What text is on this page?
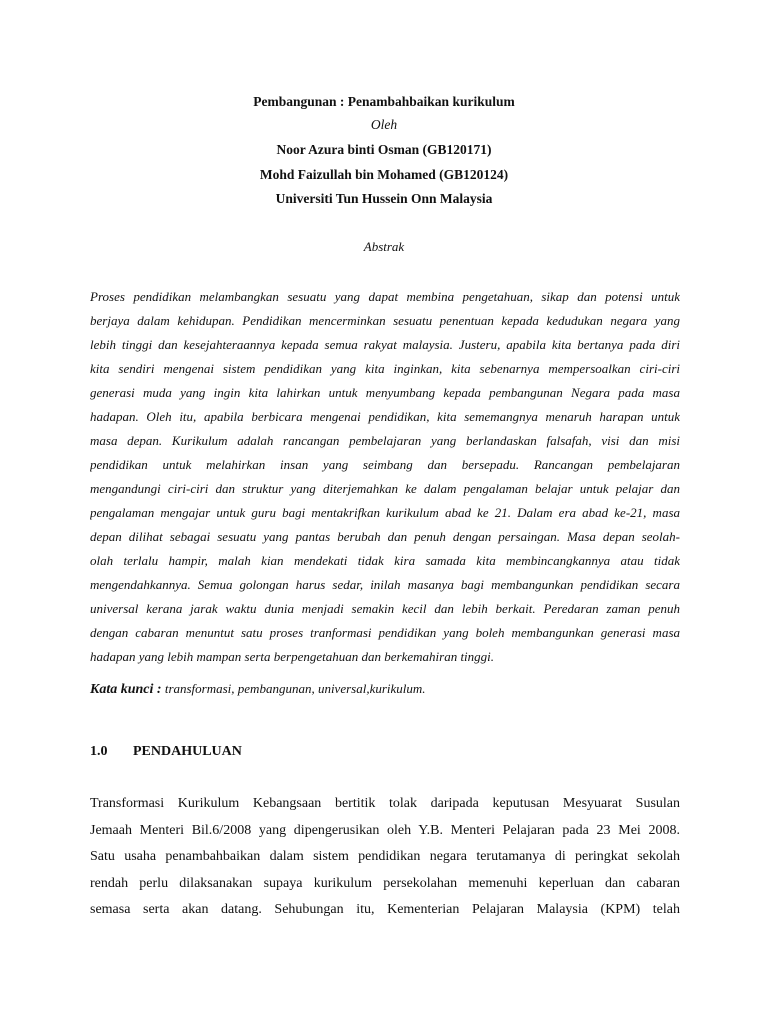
Pembangunan : Penambahbaikan kurikulum
Oleh
Noor Azura binti Osman (GB120171)
Mohd Faizullah bin Mohamed (GB120124)
Universiti Tun Hussein Onn Malaysia
Abstrak
Proses pendidikan melambangkan sesuatu yang dapat membina pengetahuan, sikap dan potensi untuk
berjaya dalam kehidupan. Pendidikan mencerminkan sesuatu penentuan kepada kedudukan negara yang
lebih tinggi dan kesejahteraannya kepada semua rakyat malaysia. Justeru, apabila kita bertanya pada diri
kita sendiri mengenai sistem pendidikan yang kita inginkan, kita sebenarnya mempersoalkan ciri-ciri
generasi muda yang ingin kita lahirkan untuk menyumbang kepada pembangunan Negara pada masa
hadapan. Oleh itu, apabila berbicara mengenai pendidikan, kita sememangnya menaruh harapan untuk
masa depan. Kurikulum adalah rancangan pembelajaran yang berlandaskan falsafah, visi dan misi
pendidikan untuk melahirkan insan yang seimbang dan bersepadu. Rancangan pembelajaran
mengandungi ciri-ciri dan struktur yang diterjemahkan ke dalam pengalaman belajar untuk pelajar dan
pengalaman mengajar untuk guru bagi mentakrifkan kurikulum abad ke 21. Dalam era abad ke-21, masa
depan dilihat sebagai sesuatu yang pantas berubah dan penuh dengan persaingan. Masa depan seolah-
olah terlalu hampir, malah kian mendekati tidak kira samada kita membincangkannya atau tidak
mengendahkannya. Semua golongan harus sedar, inilah masanya bagi membangunkan pendidikan secara
universal kerana jarak waktu dunia menjadi semakin kecil dan lebih berkait. Peredaran zaman penuh
dengan cabaran menuntut satu proses tranformasi pendidikan yang boleh membangunkan generasi masa
hadapan yang lebih mampan serta berpengetahuan dan berkemahiran tinggi.
Kata kunci : transformasi, pembangunan, universal,kurikulum.
1.0 PENDAHULUAN
Transformasi Kurikulum Kebangsaan bertitik tolak daripada keputusan Mesyuarat Susulan
Jemaah Menteri Bil.6/2008 yang dipengerusikan oleh Y.B. Menteri Pelajaran pada 23 Mei 2008.
Satu usaha penambahbaikan dalam sistem pendidikan negara terutamanya di peringkat sekolah
rendah perlu dilaksanakan supaya kurikulum persekolahan memenuhi keperluan dan cabaran
semasa serta akan datang. Sehubungan itu, Kementerian Pelajaran Malaysia (KPM) telah
